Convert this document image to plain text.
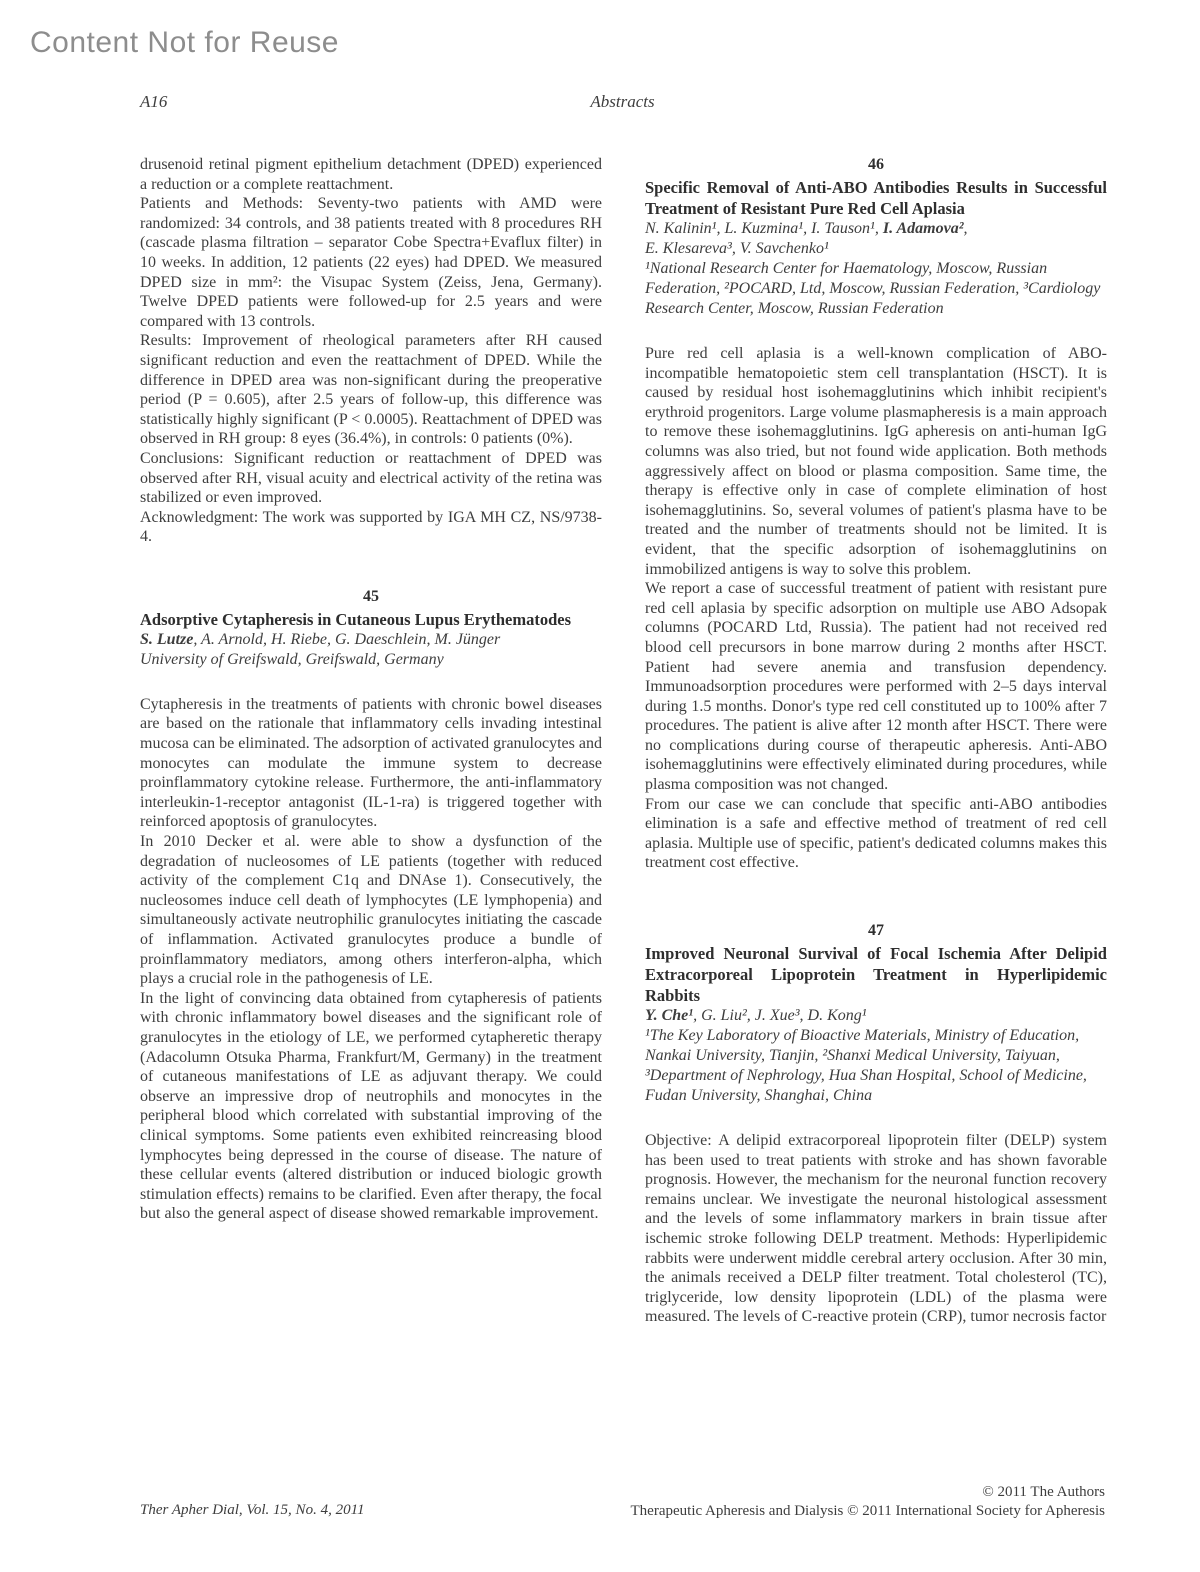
Content Not for Reuse
A16	Abstracts

drusenoid retinal pigment epithelium detachment (DPED) experienced a reduction or a complete reattachment.

Patients and Methods: Seventy-two patients with AMD were randomized: 34 controls, and 38 patients treated with 8 procedures RH (cascade plasma filtration – separator Cobe Spectra+Evaflux filter) in 10 weeks. In addition, 12 patients (22 eyes) had DPED. We measured DPED size in mm²: the Visupac System (Zeiss, Jena, Germany). Twelve DPED patients were followed-up for 2.5 years and were compared with 13 controls.

Results: Improvement of rheological parameters after RH caused significant reduction and even the reattachment of DPED. While the difference in DPED area was non-significant during the preoperative period (P = 0.605), after 2.5 years of follow-up, this difference was statistically highly significant (P < 0.0005). Reattachment of DPED was observed in RH group: 8 eyes (36.4%), in controls: 0 patients (0%).

Conclusions: Significant reduction or reattachment of DPED was observed after RH, visual acuity and electrical activity of the retina was stabilized or even improved.

Acknowledgment: The work was supported by IGA MH CZ, NS/9738-4.

45
Adsorptive Cytapheresis in Cutaneous Lupus Erythematodes

S. Lutze, A. Arnold, H. Riebe, G. Daeschlein, M. Jünger

University of Greifswald, Greifswald, Germany

Cytapheresis in the treatments of patients with chronic bowel diseases are based on the rationale that inflammatory cells invading intestinal mucosa can be eliminated. The adsorption of activated granulocytes and monocytes can modulate the immune system to decrease proinflammatory cytokine release. Furthermore, the anti-inflammatory interleukin-1-receptor antagonist (IL-1-ra) is triggered together with reinforced apoptosis of granulocytes.

In 2010 Decker et al. were able to show a dysfunction of the degradation of nucleosomes of LE patients (together with reduced activity of the complement C1q and DNAse 1). Consecutively, the nucleosomes induce cell death of lymphocytes (LE lymphopenia) and simultaneously activate neutrophilic granulocytes initiating the cascade of inflammation. Activated granulocytes produce a bundle of proinflammatory mediators, among others interferon-alpha, which plays a crucial role in the pathogenesis of LE.

In the light of convincing data obtained from cytapheresis of patients with chronic inflammatory bowel diseases and the significant role of granulocytes in the etiology of LE, we performed cytapheretic therapy (Adacolumn Otsuka Pharma, Frankfurt/M, Germany) in the treatment of cutaneous manifestations of LE as adjuvant therapy. We could observe an impressive drop of neutrophils and monocytes in the peripheral blood which correlated with substantial improving of the clinical symptoms. Some patients even exhibited reincreasing blood lymphocytes being depressed in the course of disease. The nature of these cellular events (altered distribution or induced biologic growth stimulation effects) remains to be clarified. Even after therapy, the focal but also the general aspect of disease showed remarkable improvement.

46
Specific Removal of Anti-ABO Antibodies Results in Successful Treatment of Resistant Pure Red Cell Aplasia

N. Kalinin¹, L. Kuzmina¹, I. Tauson¹, I. Adamova²,
E. Klesareva³, V. Savchenko¹

¹National Research Center for Haematology, Moscow, Russian Federation, ²POCARD, Ltd, Moscow, Russian Federation, ³Cardiology Research Center, Moscow, Russian Federation

Pure red cell aplasia is a well-known complication of ABO-incompatible hematopoietic stem cell transplantation (HSCT). It is caused by residual host isohemagglutinins which inhibit recipient's erythroid progenitors. Large volume plasmapheresis is a main approach to remove these isohemagglutinins. IgG apheresis on anti-human IgG columns was also tried, but not found wide application. Both methods aggressively affect on blood or plasma composition. Same time, the therapy is effective only in case of complete elimination of host isohemagglutinins. So, several volumes of patient's plasma have to be treated and the number of treatments should not be limited. It is evident, that the specific adsorption of isohemagglutinins on immobilized antigens is way to solve this problem.

We report a case of successful treatment of patient with resistant pure red cell aplasia by specific adsorption on multiple use ABO Adsopak columns (POCARD Ltd, Russia). The patient had not received red blood cell precursors in bone marrow during 2 months after HSCT. Patient had severe anemia and transfusion dependency. Immunoadsorption procedures were performed with 2–5 days interval during 1.5 months. Donor's type red cell constituted up to 100% after 7 procedures. The patient is alive after 12 month after HSCT. There were no complications during course of therapeutic apheresis. Anti-ABO isohemagglutinins were effectively eliminated during procedures, while plasma composition was not changed.

From our case we can conclude that specific anti-ABO antibodies elimination is a safe and effective method of treatment of red cell aplasia. Multiple use of specific, patient's dedicated columns makes this treatment cost effective.

47
Improved Neuronal Survival of Focal Ischemia After Delipid Extracorporeal Lipoprotein Treatment in Hyperlipidemic Rabbits

Y. Che¹, G. Liu², J. Xue³, D. Kong¹

¹The Key Laboratory of Bioactive Materials, Ministry of Education, Nankai University, Tianjin, ²Shanxi Medical University, Taiyuan, ³Department of Nephrology, Hua Shan Hospital, School of Medicine, Fudan University, Shanghai, China

Objective: A delipid extracorporeal lipoprotein filter (DELP) system has been used to treat patients with stroke and has shown favorable prognosis. However, the mechanism for the neuronal function recovery remains unclear. We investigate the neuronal histological assessment and the levels of some inflammatory markers in brain tissue after ischemic stroke following DELP treatment. Methods: Hyperlipidemic rabbits were underwent middle cerebral artery occlusion. After 30 min, the animals received a DELP filter treatment. Total cholesterol (TC), triglyceride, low density lipoprotein (LDL) of the plasma were measured. The levels of C-reactive protein (CRP), tumor necrosis factor

Ther Apher Dial, Vol. 15, No. 4, 2011
© 2011 The Authors
Therapeutic Apheresis and Dialysis © 2011 International Society for Apheresis
